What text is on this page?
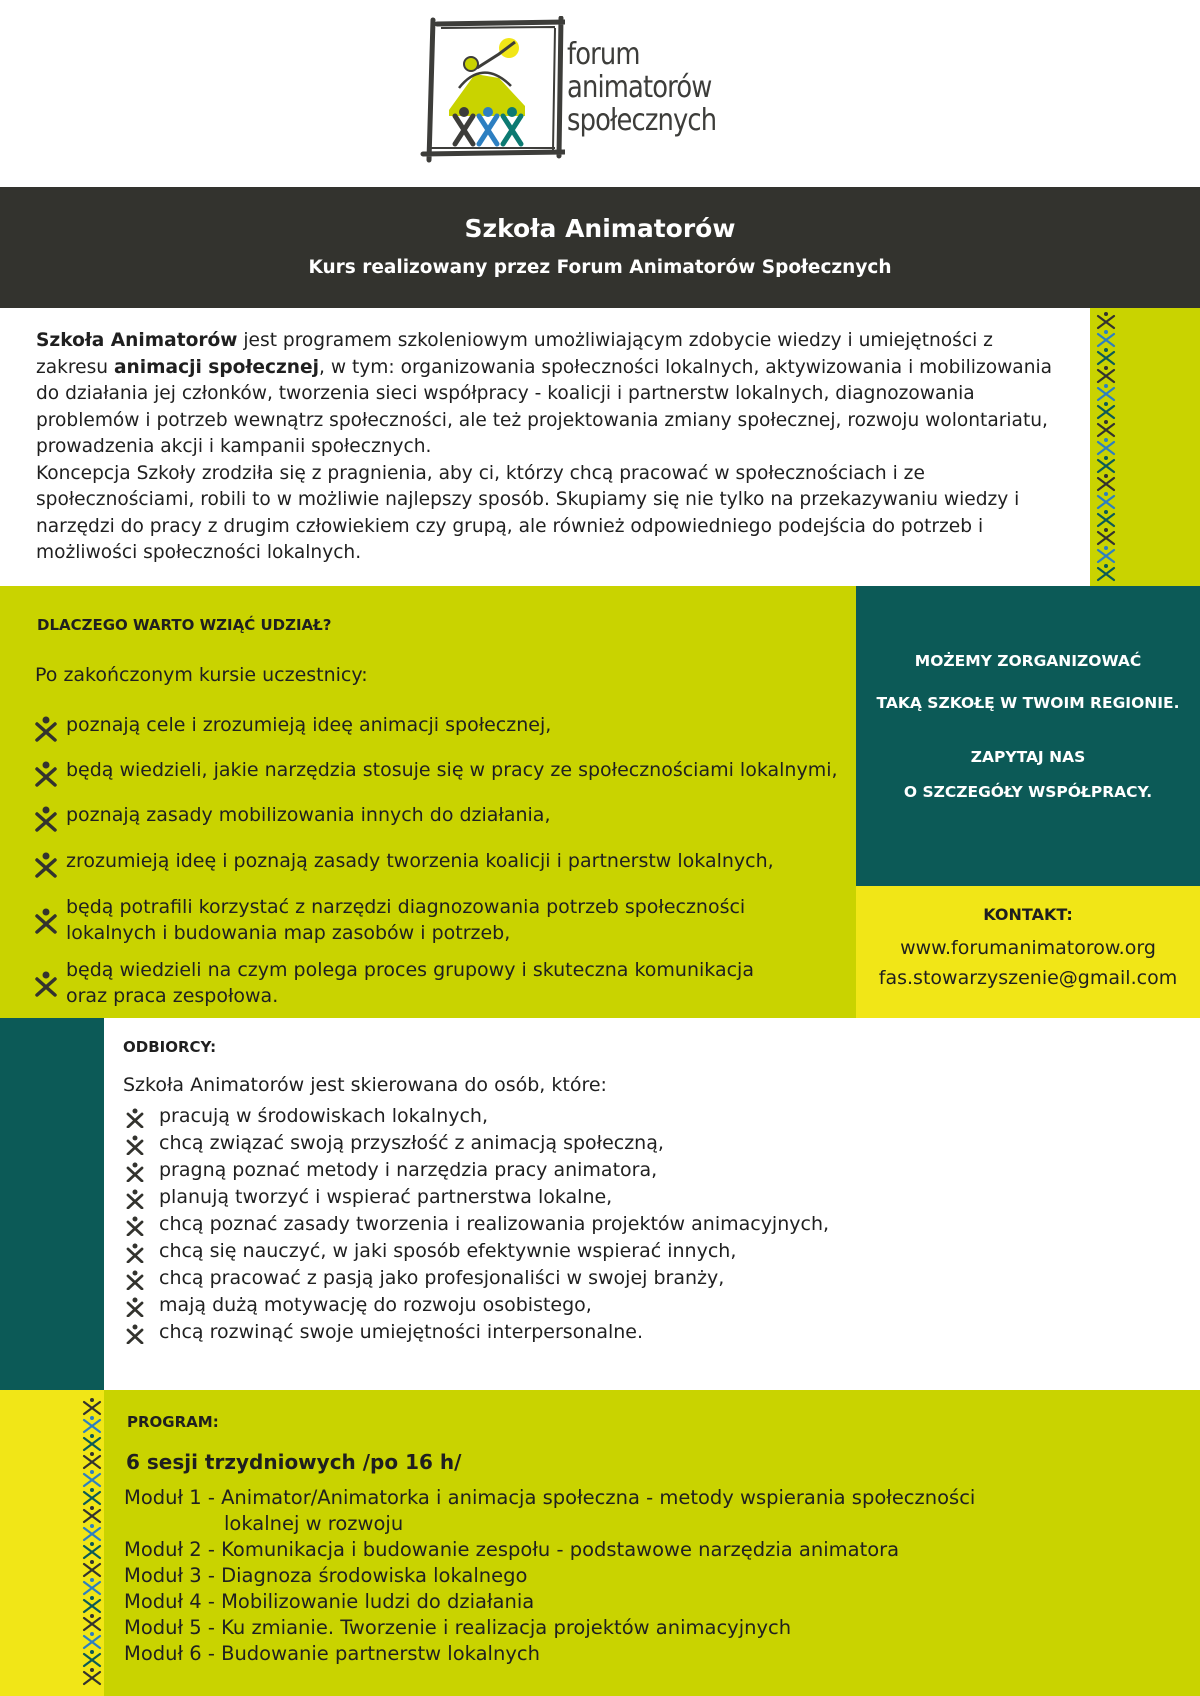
forum
animatorów
społecznych
Szkoła Animatorów
Kurs realizowany przez Forum Animatorów Społecznych

Szkoła Animatorów jest programem szkoleniowym umożliwiającym zdobycie wiedzy i umiejętności z zakresu animacji społecznej, w tym: organizowania społeczności lokalnych, aktywizowania i mobilizowania do działania jej członków, tworzenia sieci współpracy - koalicji i partnerstw lokalnych, diagnozowania problemów i potrzeb wewnątrz społeczności, ale też projektowania zmiany społecznej, rozwoju wolontariatu, prowadzenia akcji i kampanii społecznych.

Koncepcja Szkoły zrodziła się z pragnienia, aby ci, którzy chcą pracować w społecznościach i ze społecznościami, robili to w możliwie najlepszy sposób. Skupiamy się nie tylko na przekazywaniu wiedzy i narzędzi do pracy z drugim człowiekiem czy grupą, ale również odpowiedniego podejścia do potrzeb i możliwości społeczności lokalnych.

DLACZEGO WARTO WZIĄĆ UDZIAŁ?
Po zakończonym kursie uczestnicy:
poznają cele i zrozumieją ideę animacji społecznej,
będą wiedzieli, jakie narzędzia stosuje się w pracy ze społecznościami lokalnymi,
poznają zasady mobilizowania innych do działania,
zrozumieją ideę i poznają zasady tworzenia koalicji i partnerstw lokalnych,
będą potrafili korzystać z narzędzi diagnozowania potrzeb społeczności
lokalnych i budowania map zasobów i potrzeb,
będą wiedzieli na czym polega proces grupowy i skuteczna komunikacja
oraz praca zespołowa.
MOŻEMY ZORGANIZOWAĆ
TAKĄ SZKOŁĘ W TWOIM REGIONIE.
ZAPYTAJ NAS
O SZCZEGÓŁY WSPÓŁPRACY.
KONTAKT:
www.forumanimatorow.org
fas.stowarzyszenie@gmail.com
ODBIORCY:
Szkoła Animatorów jest skierowana do osób, które:
pracują w środowiskach lokalnych,
chcą związać swoją przyszłość z animacją społeczną,
pragną poznać metody i narzędzia pracy animatora,
planują tworzyć i wspierać partnerstwa lokalne,
chcą poznać zasady tworzenia i realizowania projektów animacyjnych,
chcą się nauczyć, w jaki sposób efektywnie wspierać innych,
chcą pracować z pasją jako profesjonaliści w swojej branży,
mają dużą motywację do rozwoju osobistego,
chcą rozwinąć swoje umiejętności interpersonalne.
PROGRAM:
6 sesji trzydniowych /po 16 h/
Moduł 1 - Animator/Animatorka i animacja społeczna - metody wspierania społeczności
lokalnej w rozwoju
Moduł 2 - Komunikacja i budowanie zespołu - podstawowe narzędzia animatora
Moduł 3 - Diagnoza środowiska lokalnego
Moduł 4 - Mobilizowanie ludzi do działania
Moduł 5 - Ku zmianie. Tworzenie i realizacja projektów animacyjnych
Moduł 6 - Budowanie partnerstw lokalnych
